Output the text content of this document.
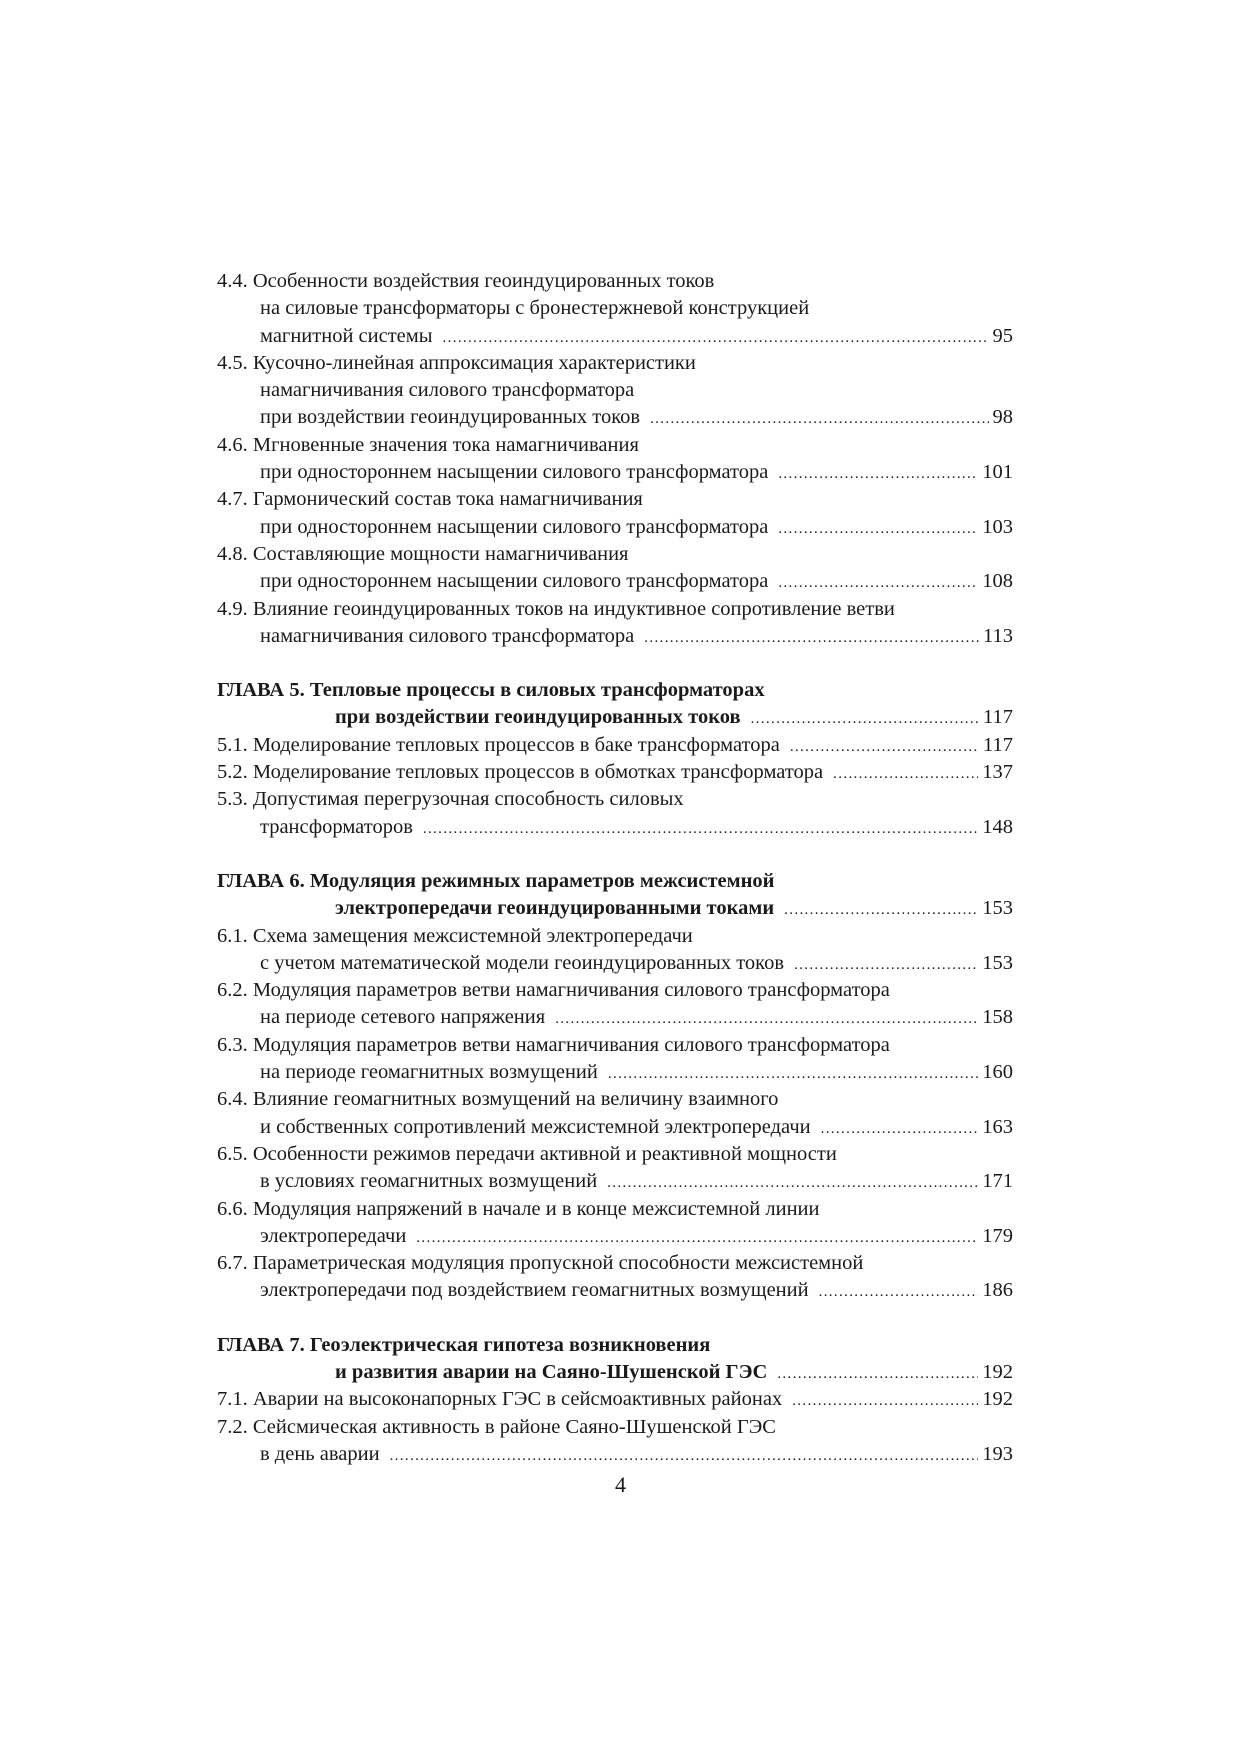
4.4. Особенности воздействия геоиндуцированных токов
на силовые трансформаторы с бронестержневой конструкцией
магнитной системы . . .	95
4.5. Кусочно-линейная аппроксимация характеристики
намагничивания силового трансформатора
при воздействии геоиндуцированных токов . . .	98
4.6. Мгновенные значения тока намагничивания
при одностороннем насыщении силового трансформатора . . .	101
4.7. Гармонический состав тока намагничивания
при одностороннем насыщении силового трансформатора . . .	103
4.8. Составляющие мощности намагничивания
при одностороннем насыщении силового трансформатора . . .	108
4.9. Влияние геоиндуцированных токов на индуктивное сопротивление ветви
намагничивания силового трансформатора . . .	113
ГЛАВА 5. Тепловые процессы в силовых трансформаторах
при воздействии геоиндуцированных токов . . .	117
5.1. Моделирование тепловых процессов в баке трансформатора . . .	117
5.2. Моделирование тепловых процессов в обмотках трансформатора . . .	137
5.3. Допустимая перегрузочная способность силовых
трансформаторов . . .	148
ГЛАВА 6. Модуляция режимных параметров межсистемной
электропередачи геоиндуцированными токами . . .	153
6.1. Схема замещения межсистемной электропередачи
с учетом математической модели геоиндуцированных токов . . .	153
6.2. Модуляция параметров ветви намагничивания силового трансформатора
на периоде сетевого напряжения . . .	158
6.3. Модуляция параметров ветви намагничивания силового трансформатора
на периоде геомагнитных возмущений . . .	160
6.4. Влияние геомагнитных возмущений на величину взаимного
и собственных сопротивлений межсистемной электропередачи . . .	163
6.5. Особенности режимов передачи активной и реактивной мощности
в условиях геомагнитных возмущений . . .	171
6.6. Модуляция напряжений в начале и в конце межсистемной линии
электропередачи . . .	179
6.7. Параметрическая модуляция пропускной способности межсистемной
электропередачи под воздействием геомагнитных возмущений . . .	186
ГЛАВА 7. Геоэлектрическая гипотеза возникновения
и развития аварии на Саяно-Шушенской ГЭС . . .	192
7.1. Аварии на высоконапорных ГЭС в сейсмоактивных районах . . .	192
7.2. Сейсмическая активность в районе Саяно-Шушенской ГЭС
в день аварии . . .	193
4
